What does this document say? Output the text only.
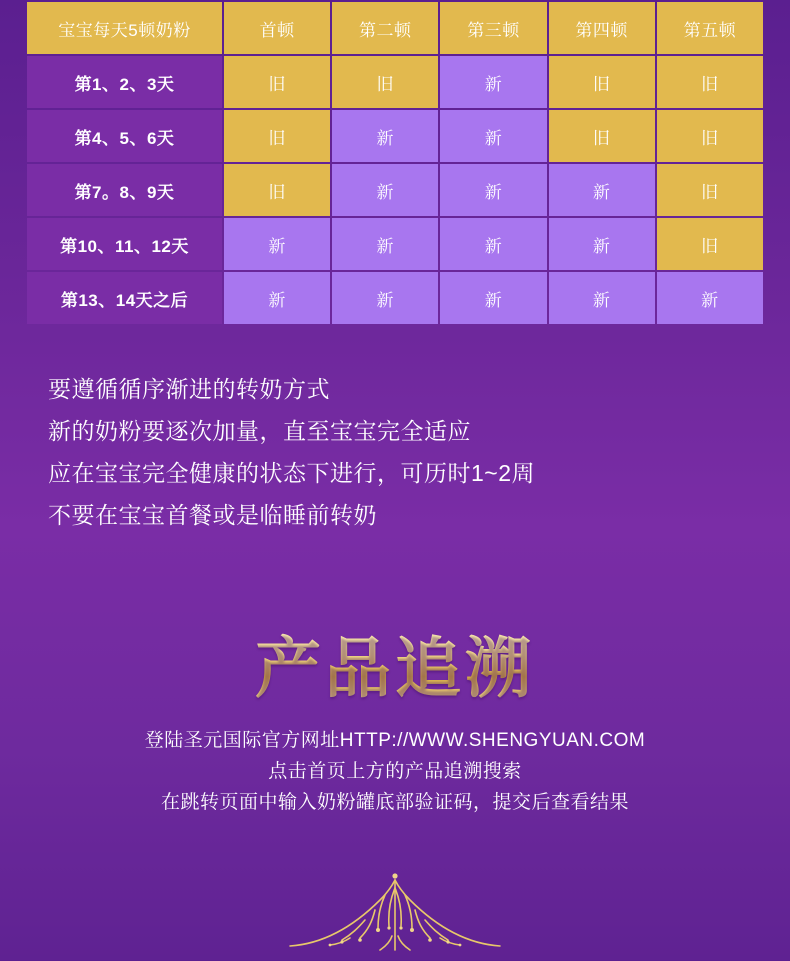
宝宝每天5顿奶粉	首顿	第二顿	第三顿	第四顿	第五顿
第1、2、3天	旧	旧	新	旧	旧
第4、5、6天	旧	新	新	旧	旧
第7。8、9天	旧	新	新	新	旧
第10、11、12天	新	新	新	新	旧
第13、14天之后	新	新	新	新	新
要遵循循序渐进的转奶方式
新的奶粉要逐次加量，直至宝宝完全适应
应在宝宝完全健康的状态下进行，可历时1~2周
不要在宝宝首餐或是临睡前转奶
产品追溯
登陆圣元国际官方网址HTTP://WWW.SHENGYUAN.COM
点击首页上方的产品追溯搜索
在跳转页面中输入奶粉罐底部验证码，提交后查看结果
